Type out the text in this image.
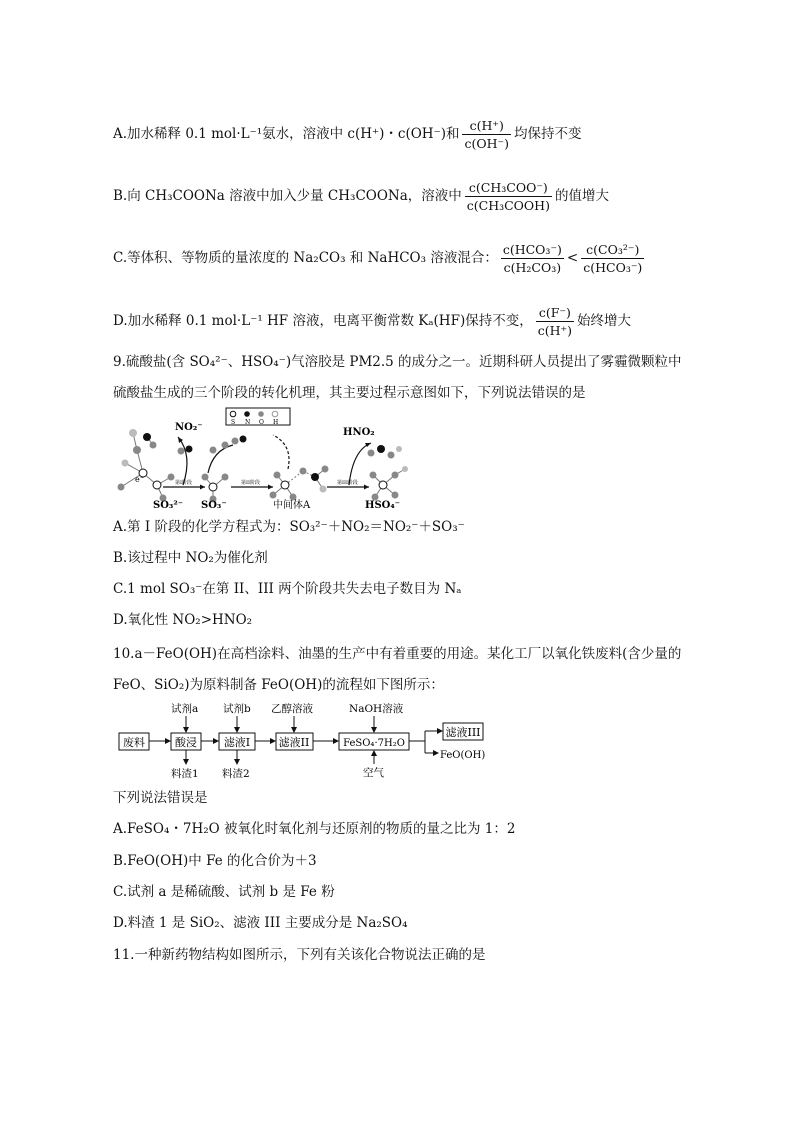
A.加水稀释 0.1 mol·L⁻¹氨水，溶液中 c(H⁺)・c(OH⁻)和 $\frac{c(H^+)}{c(OH^-)}$ 均保持不变
B.向 CH₃COONa 溶液中加入少量 CH₃COONa，溶液中 $\frac{\text{c(CH₃COO⁻)}}{\text{c(CH₃COOH)}}$ 的值增大
C.等体积、等物质的量浓度的 Na₂CO₃ 和 NaHCO₃ 溶液混合： $\frac{\text{c(HCO₃⁻)}}{\text{c(H₂CO₃)}} < \frac{\text{c(CO₃²⁻)}}{\text{c(HCO₃⁻)}}$
D.加水稀释 0.1 mol·L⁻¹ HF 溶液，电离平衡常数 Kₐ(HF)保持不变， $\frac{c(F^-)}{c(H^+)}$ 始终增大
9.硫酸盐(含 SO₄²⁻、HSO₄⁻)气溶胶是 PM2.5 的成分之一。近期科研人员提出了雾霾微颗粒中
硫酸盐生成的三个阶段的转化机理，其主要过程示意图如下，下列说法错误的是
S N O H
e⁻	第I阶段
NO₂⁻
SO₃²⁻ SO₃⁻
第II阶段
中间体A
第III阶段
HNO₂
HSO₄⁻
A.第 I 阶段的化学方程式为：SO₃²⁻＋NO₂＝NO₂⁻＋SO₃⁻
B.该过程中 NO₂为催化剂
C.1 mol SO₃⁻在第 II、III 两个阶段共失去电子数目为 Nₐ
D.氧化性 NO₂>HNO₂
10.a－FeO(OH)在高档涂料、油墨的生产中有着重要的用途。某化工厂以氧化铁废料(含少量的
FeO、SiO₂)为原料制备 FeO(OH)的流程如下图所示：
废料	酸浸 滤液I	滤液II	FeSO₄·7H₂O
滤液III
FeO(OH)
试剂a 试剂b 乙醇溶液	NaOH溶液
空气
料渣1 料渣2
下列说法错误是
A.FeSO₄・7H₂O 被氧化时氧化剂与还原剂的物质的量之比为 1：2
B.FeO(OH)中 Fe 的化合价为＋3
C.试剂 a 是稀硫酸、试剂 b 是 Fe 粉
D.料渣 1 是 SiO₂、滤液 III 主要成分是 Na₂SO₄
11.一种新药物结构如图所示，下列有关该化合物说法正确的是
